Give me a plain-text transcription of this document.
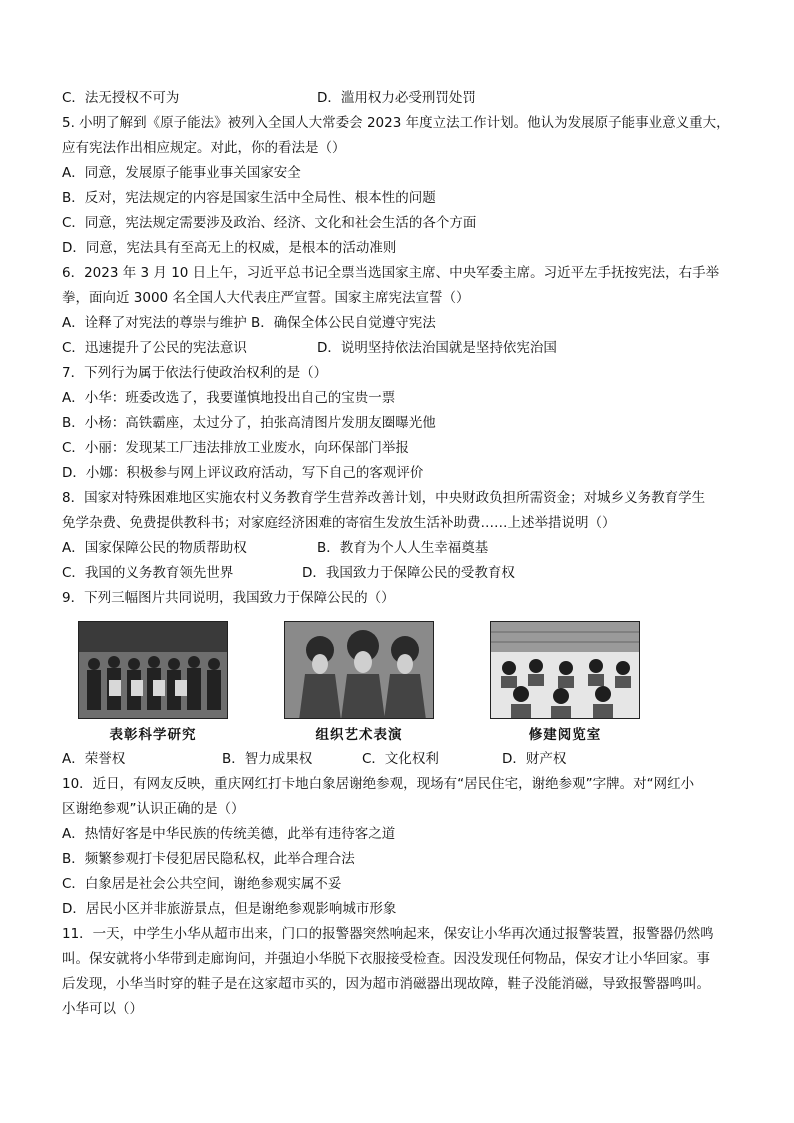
C．法无授权不可为	D．滥用权力必受刑罚处罚
5. 小明了解到《原子能法》被列入全国人大常委会 2023 年度立法工作计划。他认为发展原子能事业意义重大，
应有宪法作出相应规定。对此，你的看法是（）
A．同意，发展原子能事业事关国家安全
B．反对，宪法规定的内容是国家生活中全局性、根本性的问题
C．同意，宪法规定需要涉及政治、经济、文化和社会生活的各个方面
D．同意，宪法具有至高无上的权威，是根本的活动准则
6．2023 年 3 月 10 日上午，习近平总书记全票当选国家主席、中央军委主席。习近平左手抚按宪法，右手举
拳，面向近 3000 名全国人大代表庄严宣誓。国家主席宪法宣誓（）
A．诠释了对宪法的尊崇与维护 B．确保全体公民自觉遵守宪法
C．迅速提升了公民的宪法意识	D．说明坚持依法治国就是坚持依宪治国
7．下列行为属于依法行使政治权利的是（）
A．小华：班委改选了，我要谨慎地投出自己的宝贵一票
B．小杨：高铁霸座，太过分了，拍张高清图片发朋友圈曝光他
C．小丽：发现某工厂违法排放工业废水，向环保部门举报
D．小娜：积极参与网上评议政府活动，写下自己的客观评价
8．国家对特殊困难地区实施农村义务教育学生营养改善计划，中央财政负担所需资金；对城乡义务教育学生
免学杂费、免费提供教科书；对家庭经济困难的寄宿生发放生活补助费……上述举措说明（）
A．国家保障公民的物质帮助权	B．教育为个人人生幸福奠基
C．我国的义务教育领先世界	D．我国致力于保障公民的受教育权
9．下列三幅图片共同说明，我国致力于保障公民的（）
表彰科学研究	组织艺术表演	修建阅览室
A．荣誉权	B．智力成果权	C．文化权利	D．财产权
10．近日，有网友反映，重庆网红打卡地白象居谢绝参观，现场有“居民住宅，谢绝参观”字牌。对“网红小
区谢绝参观”认识正确的是（）
A．热情好客是中华民族的传统美德，此举有违待客之道
B．频繁参观打卡侵犯居民隐私权，此举合理合法
C．白象居是社会公共空间，谢绝参观实属不妥
D．居民小区并非旅游景点，但是谢绝参观影响城市形象
11．一天，中学生小华从超市出来，门口的报警器突然响起来，保安让小华再次通过报警装置，报警器仍然鸣
叫。保安就将小华带到走廊询问，并强迫小华脱下衣服接受检查。因没发现任何物品，保安才让小华回家。事
后发现，小华当时穿的鞋子是在这家超市买的，因为超市消磁器出现故障，鞋子没能消磁，导致报警器鸣叫。
小华可以（）
